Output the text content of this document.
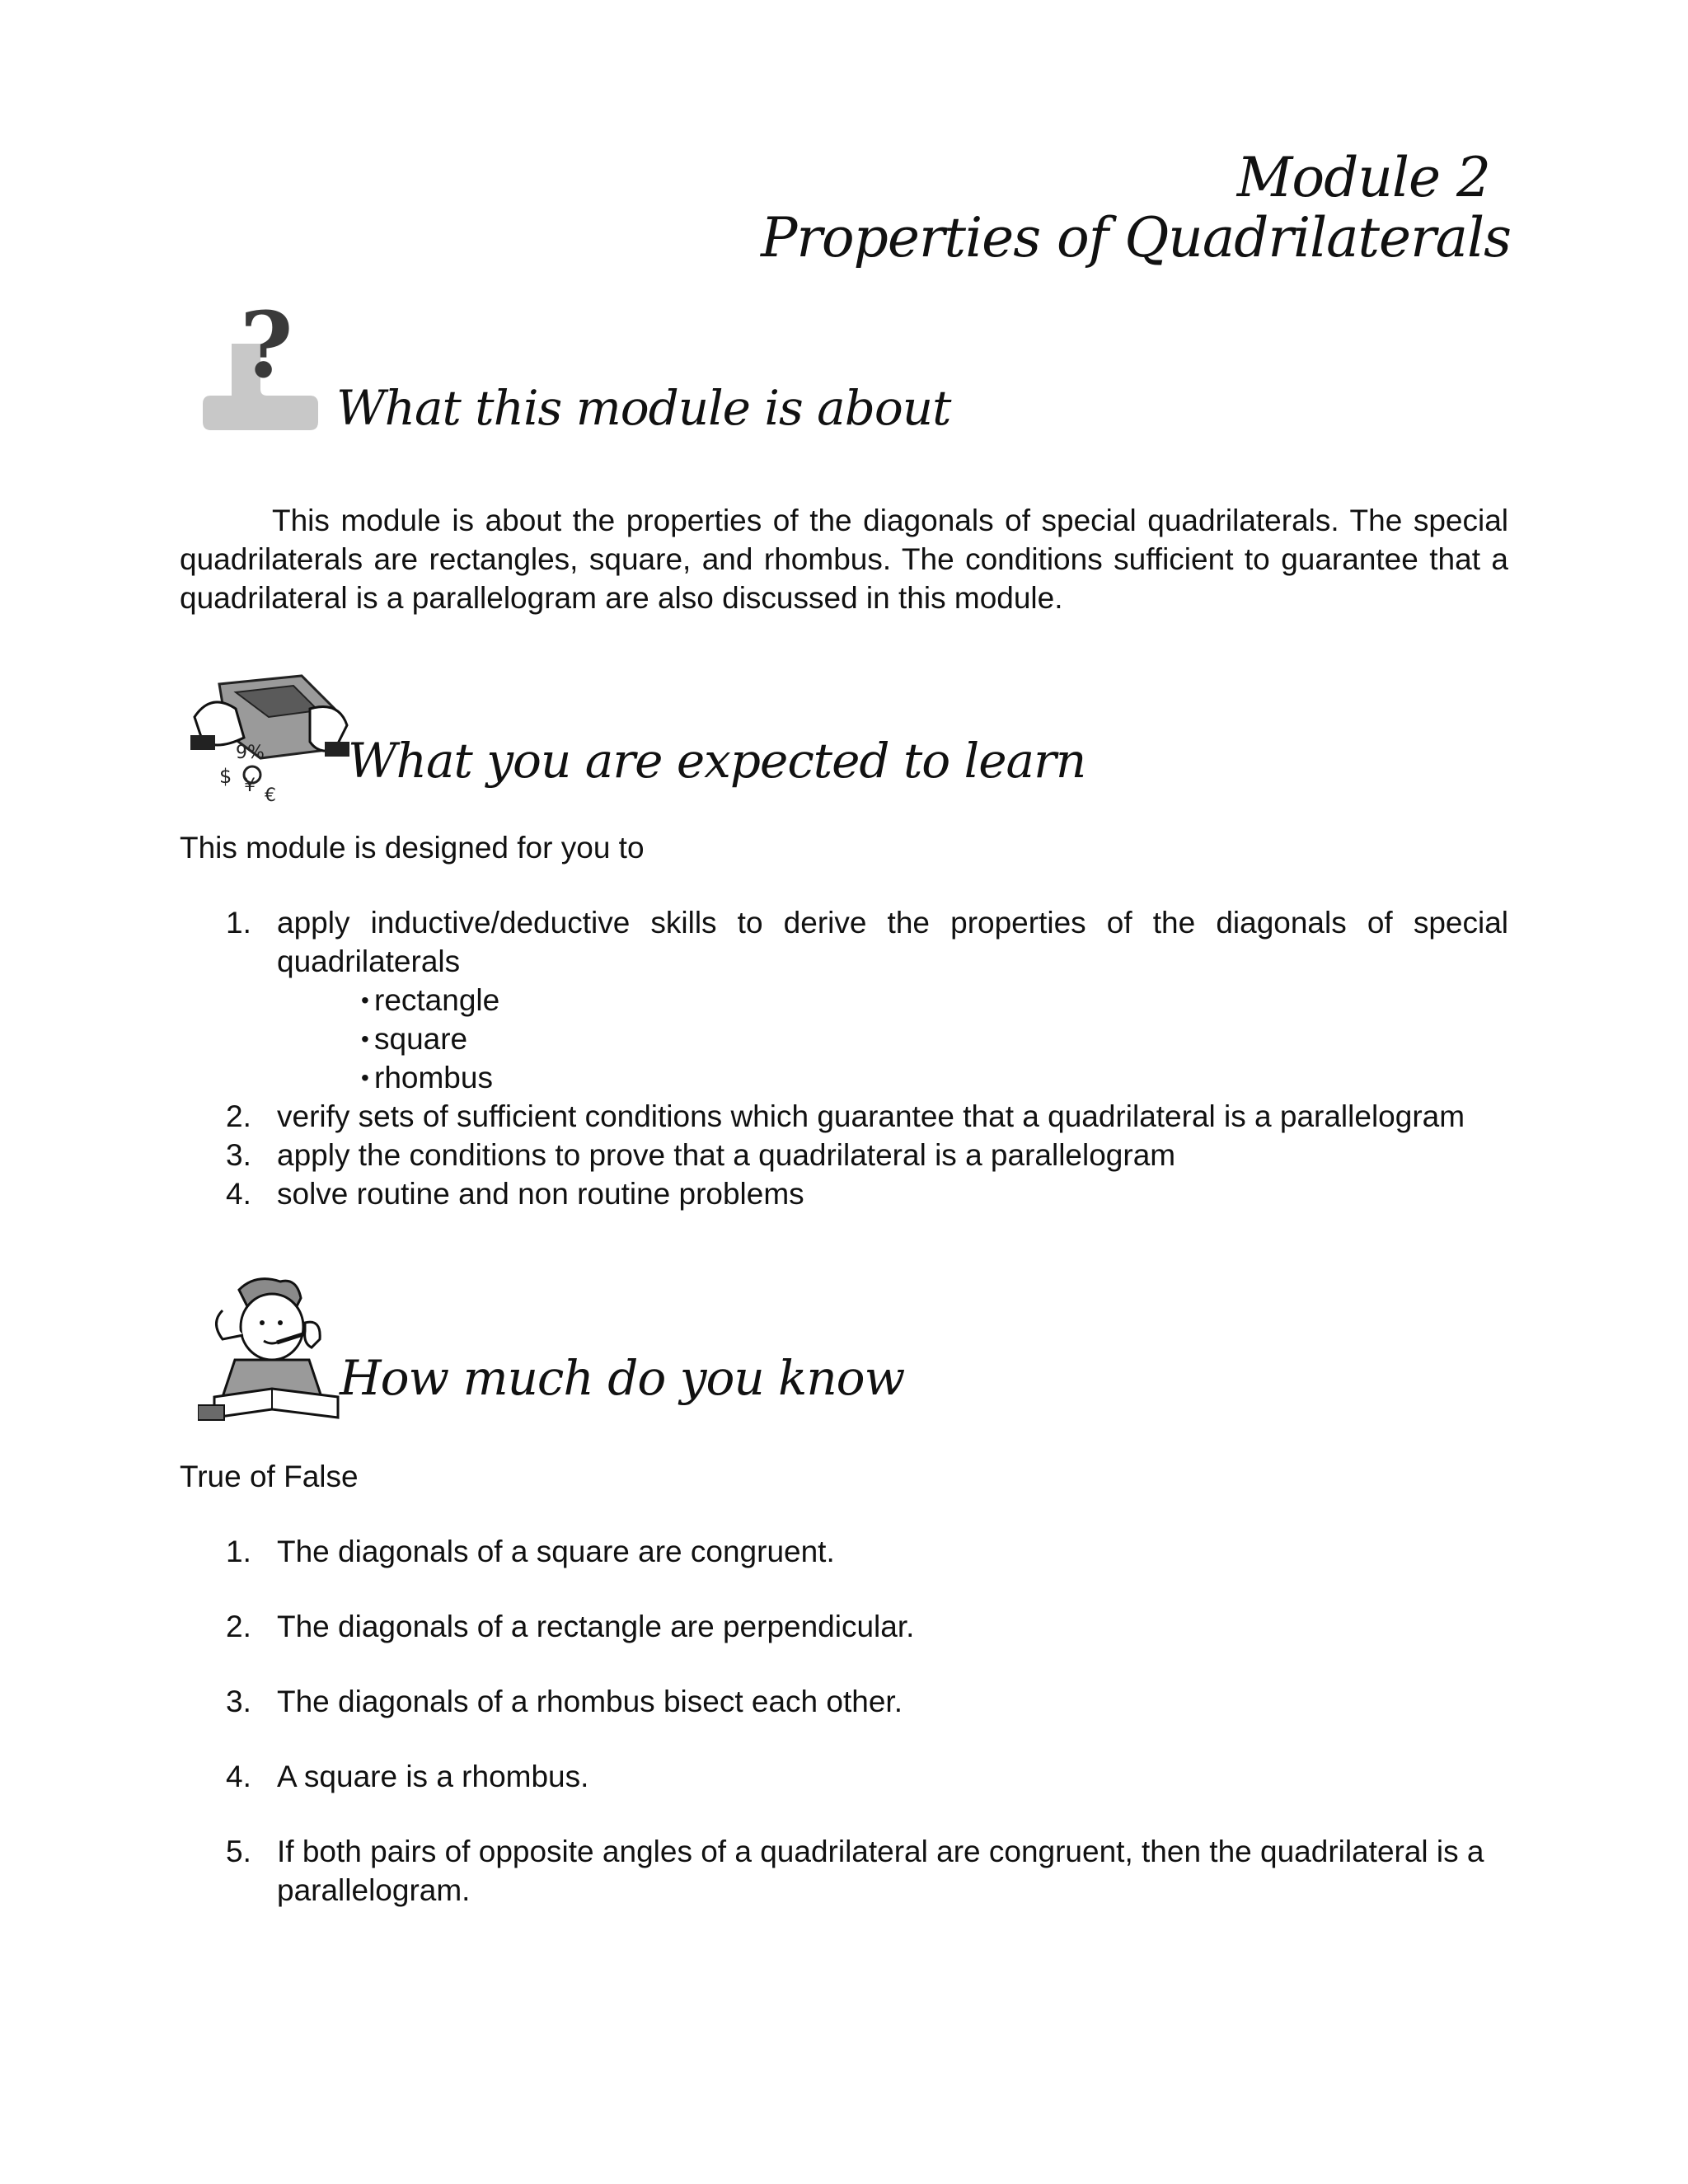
Module 2
Properties of Quadrilaterals
?
What this module is about

This module is about the properties of the diagonals of special quadrilaterals. The special quadrilaterals are rectangles, square, and rhombus. The conditions sufficient to guarantee that a quadrilateral is a parallelogram are also discussed in this module.

9%
$ ¥ €
What you are expected to learn
This module is designed for you to
1. apply inductive/deductive skills to derive the properties of the diagonals of special quadrilaterals
• rectangle
• square
• rhombus
2. verify sets of sufficient conditions which guarantee that a quadrilateral is a parallelogram
3. apply the conditions to prove that a quadrilateral is a parallelogram
4. solve routine and non routine problems
How much do you know
True of False
1. The diagonals of a square are congruent.
2. The diagonals of a rectangle are perpendicular.
3. The diagonals of a rhombus bisect each other.
4. A square is a rhombus.
5. If both pairs of opposite angles of a quadrilateral are congruent, then the quadrilateral is a parallelogram.
